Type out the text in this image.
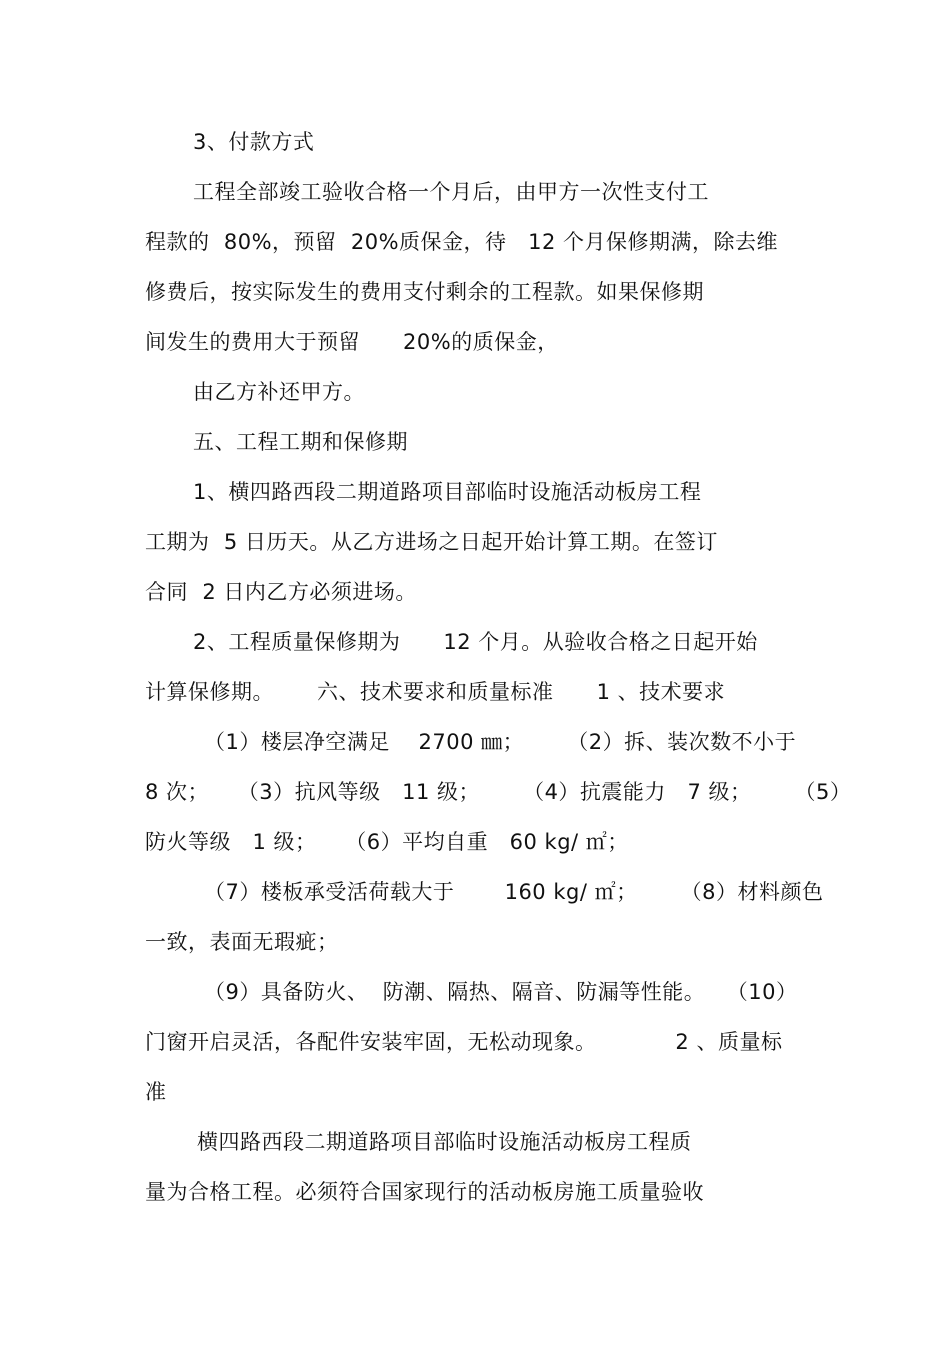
3、付款方式
工程全部竣工验收合格一个月后，由甲方一次性支付工
程款的  80%，预留  20%质保金，待   12 个月保修期满，除去维
修费后，按实际发生的费用支付剩余的工程款。如果保修期
间发生的费用大于预留      20%的质保金，
由乙方补还甲方。
五、工程工期和保修期
1、横四路西段二期道路项目部临时设施活动板房工程
工期为  5 日历天。从乙方进场之日起开始计算工期。在签订
合同  2 日内乙方必须进场。
2、工程质量保修期为      12 个月。从验收合格之日起开始
计算保修期。      六、技术要求和质量标准      1 、技术要求
（1）楼层净空满足    2700 ㎜；      （2）拆、装次数不小于
8 次；    （3）抗风等级   11 级；      （4）抗震能力   7 级；      （5）
防火等级   1 级；    （6）平均自重   60 kg/ ㎡；
（7）楼板承受活荷载大于       160 kg/ ㎡；      （8）材料颜色
一致，表面无瑕疵；
（9）具备防火、  防潮、隔热、隔音、防漏等性能。   （10）
门窗开启灵活，各配件安装牢固，无松动现象。           2 、质量标
准
横四路西段二期道路项目部临时设施活动板房工程质
量为合格工程。必须符合国家现行的活动板房施工质量验收
